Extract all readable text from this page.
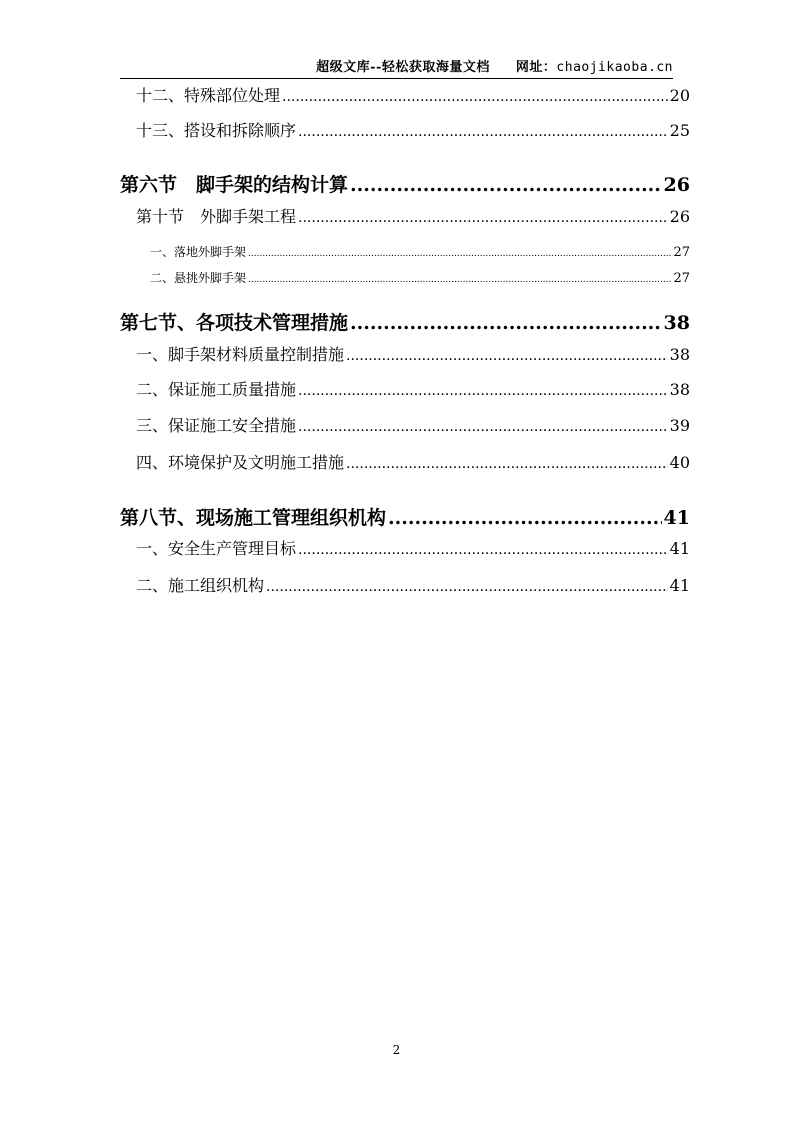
超级文库--轻松获取海量文档 网址：chaojikaoba.cn
十二、特殊部位处理 .....	20
十三、搭设和拆除顺序 .....	25
第六节　脚手架的结构计算 .....	26
第十节　外脚手架工程 .....	26
一、落地外脚手架 .....	27
二、悬挑外脚手架 .....	27
第七节、各项技术管理措施 .....	38
一、脚手架材料质量控制措施 .....	38
二、保证施工质量措施 .....	38
三、保证施工安全措施 .....	39
四、环境保护及文明施工措施 .....	40
第八节、现场施工管理组织机构 .....	41
一、安全生产管理目标 .....	41
二、施工组织机构 .....	41
2
